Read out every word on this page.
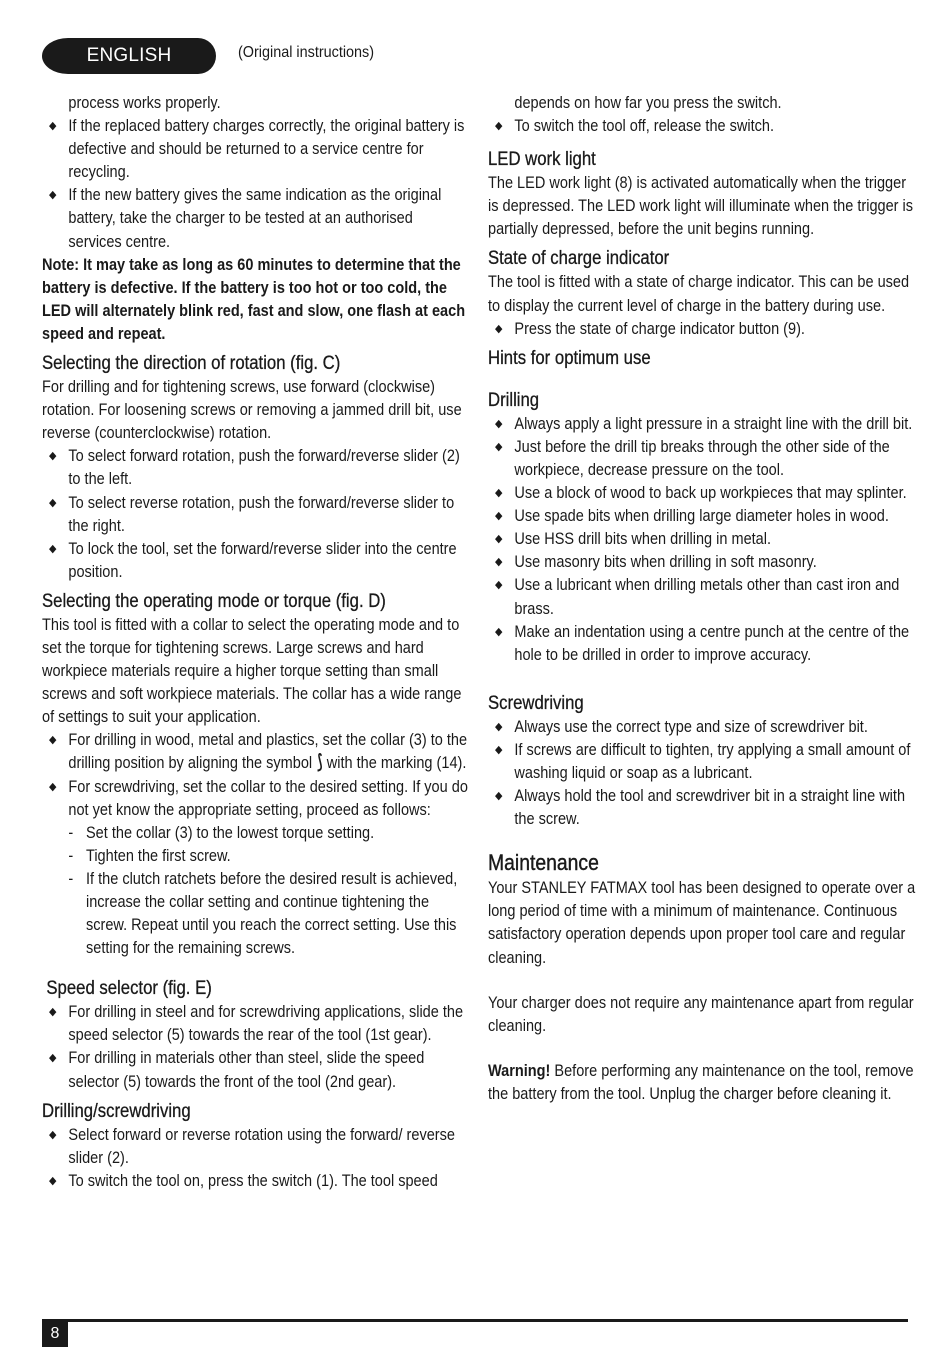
ENGLISH	(Original instructions)

process works properly.

◆ If the replaced battery charges correctly, the original battery is defective and should be returned to a service centre for recycling.
◆ If the new battery gives the same indication as the original battery, take the charger to be tested at an authorised services centre.

Note: It may take as long as 60 minutes to determine that the battery is defective. If the battery is too hot or too cold, the LED will alternately blink red, fast and slow, one flash at each speed and repeat.

Selecting the direction of rotation (fig. C)

For drilling and for tightening screws, use forward (clockwise) rotation. For loosening screws or removing a jammed drill bit, use reverse (counterclockwise) rotation.

◆ To select forward rotation, push the forward/reverse slider (2) to the left.
◆ To select reverse rotation, push the forward/reverse slider to the right.
◆ To lock the tool, set the forward/reverse slider into the centre position.
Selecting the operating mode or torque (fig. D)

This tool is fitted with a collar to select the operating mode and to set the torque for tightening screws. Large screws and hard workpiece materials require a higher torque setting than small screws and soft workpiece materials. The collar has a wide range of settings to suit your application.

◆ For drilling in wood, metal and plastics, set the collar (3) to the drilling position by aligning the symbol ⟆ with the marking (14).
◆ For screwdriving, set the collar to the desired setting. If you do not yet know the appropriate setting, proceed as follows:
- Set the collar (3) to the lowest torque setting.
- Tighten the first screw.
- If the clutch ratchets before the desired result is achieved, increase the collar setting and continue tightening the screw. Repeat until you reach the correct setting. Use this setting for the remaining screws.
Speed selector (fig. E)
◆ For drilling in steel and for screwdriving applications, slide the speed selector (5) towards the rear of the tool (1st gear).
◆ For drilling in materials other than steel, slide the speed selector (5) towards the front of the tool (2nd gear).
Drilling/screwdriving
◆ Select forward or reverse rotation using the forward/ reverse slider (2).
◆ To switch the tool on, press the switch (1). The tool speed

depends on how far you press the switch.

◆ To switch the tool off, release the switch.
LED work light

The LED work light (8) is activated automatically when the trigger is depressed. The LED work light will illuminate when the trigger is partially depressed, before the unit begins running.

State of charge indicator

The tool is fitted with a state of charge indicator. This can be used to display the current level of charge in the battery during use.

◆ Press the state of charge indicator button (9).
Hints for optimum use
Drilling
◆ Always apply a light pressure in a straight line with the drill bit.
◆ Just before the drill tip breaks through the other side of the workpiece, decrease pressure on the tool.
◆ Use a block of wood to back up workpieces that may splinter.
◆ Use spade bits when drilling large diameter holes in wood.
◆ Use HSS drill bits when drilling in metal.
◆ Use masonry bits when drilling in soft masonry.
◆ Use a lubricant when drilling metals other than cast iron and brass.
◆ Make an indentation using a centre punch at the centre of the hole to be drilled in order to improve accuracy.
Screwdriving
◆ Always use the correct type and size of screwdriver bit.
◆ If screws are difficult to tighten, try applying a small amount of washing liquid or soap as a lubricant.
◆ Always hold the tool and screwdriver bit in a straight line with the screw.
Maintenance

Your STANLEY FATMAX tool has been designed to operate over a long period of time with a minimum of maintenance. Continuous satisfactory operation depends upon proper tool care and regular cleaning.

Your charger does not require any maintenance apart from regular cleaning.

Warning! Before performing any maintenance on the tool, remove the battery from the tool. Unplug the charger before cleaning it.

8
